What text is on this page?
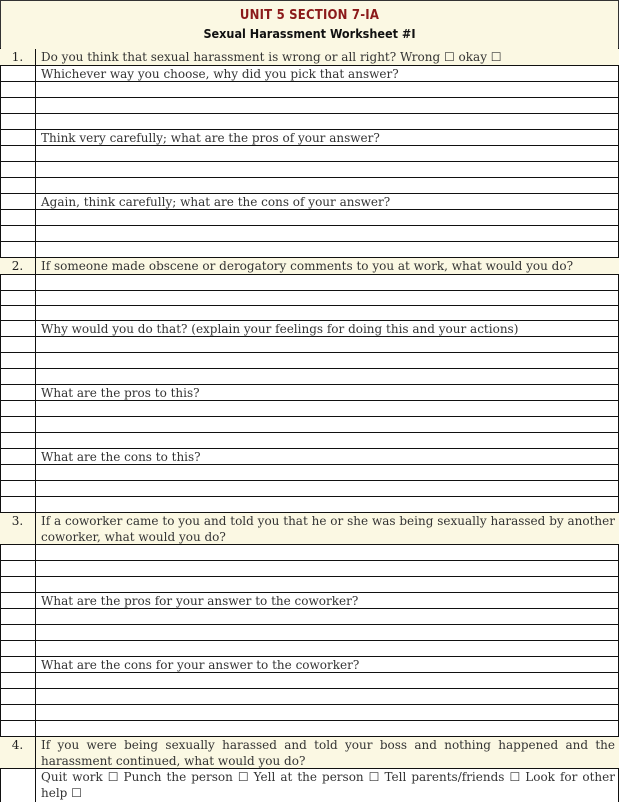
UNIT 5 SECTION 7-IA
Sexual Harassment Worksheet #I
1.	Do you think that sexual harassment is wrong or all right? Wrong ☐ okay ☐
Whichever way you choose, why did you pick that answer?
Think very carefully; what are the pros of your answer?
Again, think carefully; what are the cons of your answer?
2.	If someone made obscene or derogatory comments to you at work, what would you do?
Why would you do that? (explain your feelings for doing this and your actions)
What are the pros to this?
What are the cons to this?
3.	If a coworker came to you and told you that he or she was being sexually harassed by another coworker, what would you do?
What are the pros for your answer to the coworker?
What are the cons for your answer to the coworker?
4.	If you were being sexually harassed and told your boss and nothing happened and the harassment continued, what would you do?
Quit work ☐ Punch the person ☐ Yell at the person ☐ Tell parents/friends ☐ Look for other help ☐
